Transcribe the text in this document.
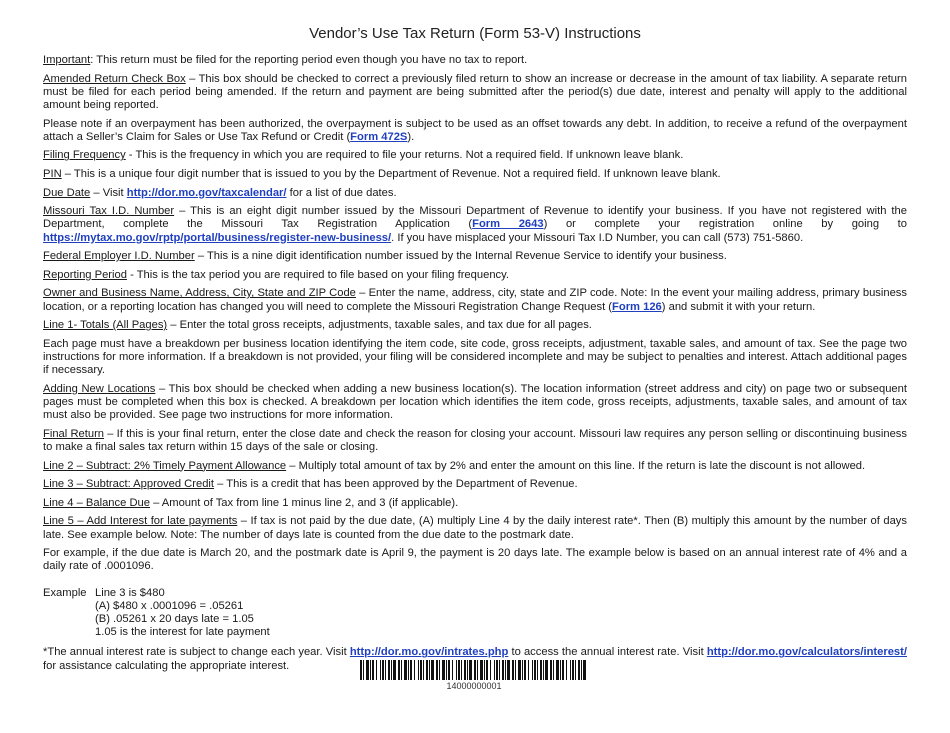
Vendor’s Use Tax Return (Form 53-V) Instructions

Important: This return must be filed for the reporting period even though you have no tax to report.

Amended Return Check Box – This box should be checked to correct a previously filed return to show an increase or decrease in the amount of tax liability. A separate return must be filed for each period being amended. If the return and payment are being submitted after the period(s) due date, interest and penalty will apply to the additional amount being reported.

Please note if an overpayment has been authorized, the overpayment is subject to be used as an offset towards any debt. In addition, to receive a refund of the overpayment attach a Seller’s Claim for Sales or Use Tax Refund or Credit (Form 472S).

Filing Frequency - This is the frequency in which you are required to file your returns. Not a required field. If unknown leave blank.

PIN – This is a unique four digit number that is issued to you by the Department of Revenue. Not a required field. If unknown leave blank.

Due Date – Visit http://dor.mo.gov/taxcalendar/ for a list of due dates.

Missouri Tax I.D. Number – This is an eight digit number issued by the Missouri Department of Revenue to identify your business. If you have not registered with the Department, complete the Missouri Tax Registration Application (Form 2643) or complete your registration online by going to https://mytax.mo.gov/rptp/portal/business/register-new-business/. If you have misplaced your Missouri Tax I.D Number, you can call (573) 751-5860.

Federal Employer I.D. Number – This is a nine digit identification number issued by the Internal Revenue Service to identify your business.

Reporting Period - This is the tax period you are required to file based on your filing frequency.

Owner and Business Name, Address, City, State and ZIP Code – Enter the name, address, city, state and ZIP code. Note: In the event your mailing address, primary business location, or a reporting location has changed you will need to complete the Missouri Registration Change Request (Form 126) and submit it with your return.

Line 1- Totals (All Pages) – Enter the total gross receipts, adjustments, taxable sales, and tax due for all pages.

Each page must have a breakdown per business location identifying the item code, site code, gross receipts, adjustment, taxable sales, and amount of tax. See the page two instructions for more information. If a breakdown is not provided, your filing will be considered incomplete and may be subject to penalties and interest. Attach additional pages if necessary.

Adding New Locations – This box should be checked when adding a new business location(s). The location information (street address and city) on page two or subsequent pages must be completed when this box is checked. A breakdown per location which identifies the item code, gross receipts, adjustments, taxable sales, and amount of tax must also be provided. See page two instructions for more information.

Final Return – If this is your final return, enter the close date and check the reason for closing your account. Missouri law requires any person selling or discontinuing business to make a final sales tax return within 15 days of the sale or closing.

Line 2 – Subtract: 2% Timely Payment Allowance – Multiply total amount of tax by 2% and enter the amount on this line. If the return is late the discount is not allowed.

Line 3 – Subtract: Approved Credit – This is a credit that has been approved by the Department of Revenue.

Line 4 – Balance Due – Amount of Tax from line 1 minus line 2, and 3 (if applicable).

Line 5 – Add Interest for late payments – If tax is not paid by the due date, (A) multiply Line 4 by the daily interest rate*. Then (B) multiply this amount by the number of days late. See example below. Note: The number of days late is counted from the due date to the postmark date.

For example, if the due date is March 20, and the postmark date is April 9, the payment is 20 days late. The example below is based on an annual interest rate of 4% and a daily rate of .0001096.

Example Line 3 is $480
(A) $480 x .0001096 = .05261
(B) .05261 x 20 days late = 1.05
1.05 is the interest for late payment

*The annual interest rate is subject to change each year. Visit http://dor.mo.gov/intrates.php to access the annual interest rate. Visit http://dor.mo.gov/calculators/interest/ for assistance calculating the appropriate interest.

14000000001
